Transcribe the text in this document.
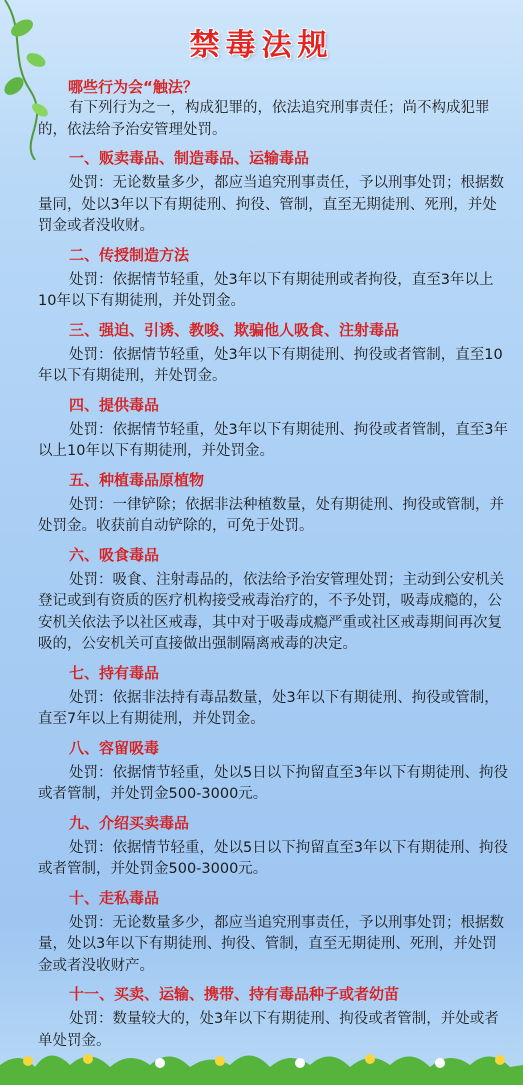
禁毒法规
哪些行为会“触法？

有下列行为之一，构成犯罪的，依法追究刑事责任；尚不构成犯罪的，依法给予治安管理处罚。

一、贩卖毒品、制造毒品、运输毒品

处罚：无论数量多少，都应当追究刑事责任，予以刑事处罚；根据数量同，处以3年以下有期徒刑、拘役、管制，直至无期徒刑、死刑，并处罚金或者没收财。

二、传授制造方法

处罚：依据情节轻重，处3年以下有期徒刑或者拘役，直至3年以上10年以下有期徒刑，并处罚金。

三、强迫、引诱、教唆、欺骗他人吸食、注射毒品

处罚：依据情节轻重，处3年以下有期徒刑、拘役或者管制，直至10年以下有期徒刑，并处罚金。

四、提供毒品

处罚：依据情节轻重，处3年以下有期徒刑、拘役或者管制，直至3年以上10年以下有期徒刑，并处罚金。

五、种植毒品原植物

处罚：一律铲除；依据非法种植数量，处有期徒刑、拘役或管制，并处罚金。收获前自动铲除的，可免于处罚。

六、吸食毒品

处罚：吸食、注射毒品的，依法给予治安管理处罚；主动到公安机关登记或到有资质的医疗机构接受戒毒治疗的，不予处罚，吸毒成瘾的，公安机关依法予以社区戒毒，其中对于吸毒成瘾严重或社区戒毒期间再次复吸的，公安机关可直接做出强制隔离戒毒的决定。

七、持有毒品

处罚：依据非法持有毒品数量，处3年以下有期徒刑、拘役或管制，直至7年以上有期徒刑，并处罚金。

八、容留吸毒

处罚：依据情节轻重，处以5日以下拘留直至3年以下有期徒刑、拘役或者管制，并处罚金500-3000元。

九、介绍买卖毒品

处罚：依据情节轻重，处以5日以下拘留直至3年以下有期徒刑、拘役或者管制，并处罚金500-3000元。

十、走私毒品

处罚：无论数量多少，都应当追究刑事责任，予以刑事处罚；根据数量，处以3年以下有期徒刑、拘役、管制，直至无期徒刑、死刑，并处罚金或者没收财产。

十一、买卖、运输、携带、持有毒品种子或者幼苗

处罚：数量较大的，处3年以下有期徒刑、拘役或者管制，并处或者单处罚金。
